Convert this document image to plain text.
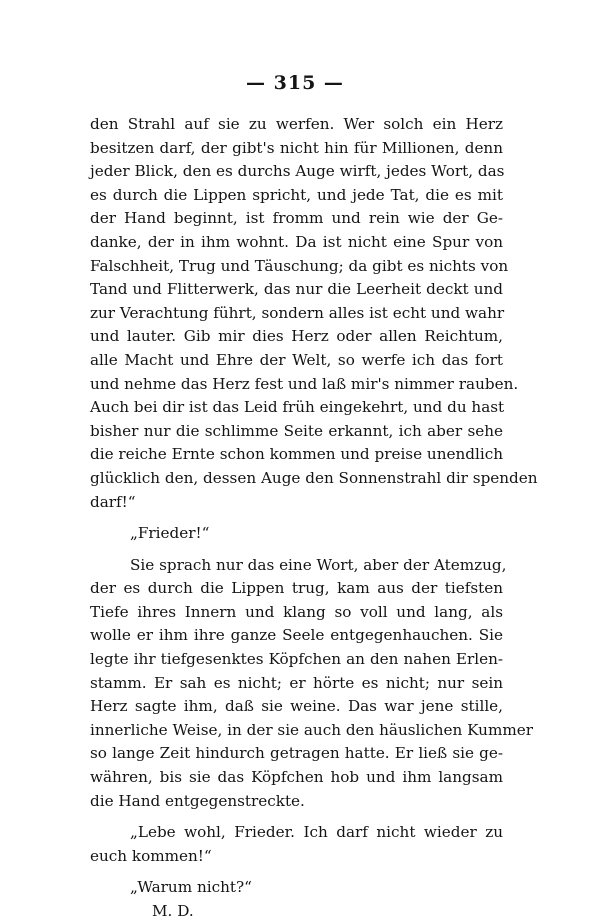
— 315 —
den Strahl auf sie zu werfen. Wer solch ein Herz
besitzen darf, der gibt's nicht hin für Millionen, denn
jeder Blick, den es durchs Auge wirft, jedes Wort, das
es durch die Lippen spricht, und jede Tat, die es mit
der Hand beginnt, ist fromm und rein wie der Ge-
danke, der in ihm wohnt. Da ist nicht eine Spur von
Falschheit, Trug und Täuschung; da gibt es nichts von
Tand und Flitterwerk, das nur die Leerheit deckt und
zur Verachtung führt, sondern alles ist echt und wahr
und lauter. Gib mir dies Herz oder allen Reichtum,
alle Macht und Ehre der Welt, so werfe ich das fort
und nehme das Herz fest und laß mir's nimmer rauben.
Auch bei dir ist das Leid früh eingekehrt, und du hast
bisher nur die schlimme Seite erkannt, ich aber sehe
die reiche Ernte schon kommen und preise unendlich
glücklich den, dessen Auge den Sonnenstrahl dir spenden
darf!“
„Frieder!“
Sie sprach nur das eine Wort, aber der Atemzug,
der es durch die Lippen trug, kam aus der tiefsten
Tiefe ihres Innern und klang so voll und lang, als
wolle er ihm ihre ganze Seele entgegenhauchen. Sie
legte ihr tiefgesenktes Köpfchen an den nahen Erlen-
stamm. Er sah es nicht; er hörte es nicht; nur sein
Herz sagte ihm, daß sie weine. Das war jene stille,
innerliche Weise, in der sie auch den häuslichen Kummer
so lange Zeit hindurch getragen hatte. Er ließ sie ge-
währen, bis sie das Köpfchen hob und ihm langsam
die Hand entgegenstreckte.
„Lebe wohl, Frieder. Ich darf nicht wieder zu
euch kommen!“
„Warum nicht?“
M. D.
